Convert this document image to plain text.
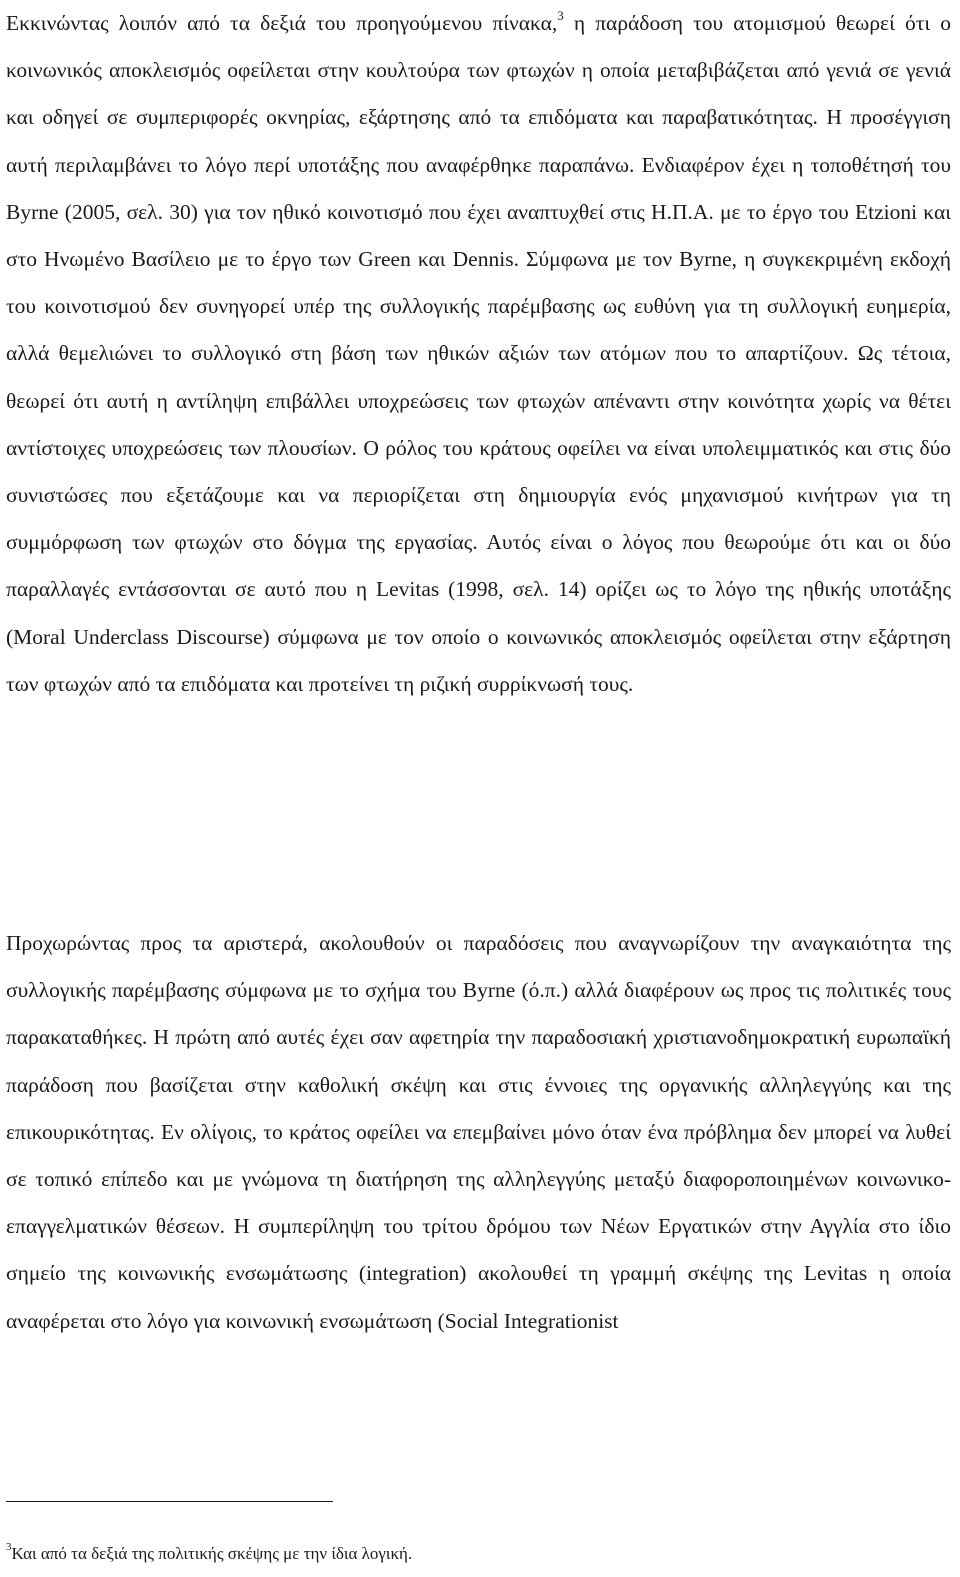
Εκκινώντας λοιπόν από τα δεξιά του προηγούμενου πίνακα,$^3$ η παράδοση του ατομισμού θεωρεί ότι ο κοινωνικός αποκλεισμός οφείλεται στην κουλτούρα των φτωχών η οποία μεταβιβάζεται από γενιά σε γενιά και οδηγεί σε συμπεριφορές οκνηρίας, εξάρτησης από τα επιδόματα και παραβατικότητας. Η προσέγγιση αυτή περιλαμβάνει το λόγο περί υποτάξης που αναφέρθηκε παραπάνω. Ενδιαφέρον έχει η τοποθέτησή του Byrne (2005, σελ. 30) για τον ηθικό κοινοτισμό που έχει αναπτυχθεί στις Η.Π.Α. με το έργο του Etzioni και στο Ηνωμένο Βασίλειο με το έργο των Green και Dennis. Σύμφωνα με τον Byrne, η συγκεκριμένη εκδοχή του κοινοτισμού δεν συνηγορεί υπέρ της συλλογικής παρέμβασης ως ευθύνη για τη συλλογική ευημερία, αλλά θεμελιώνει το συλλογικό στη βάση των ηθικών αξιών των ατόμων που το απαρτίζουν. Ως τέτοια, θεωρεί ότι αυτή η αντίληψη επιβάλλει υποχρεώσεις των φτωχών απέναντι στην κοινότητα χωρίς να θέτει αντίστοιχες υποχρεώσεις των πλουσίων. Ο ρόλος του κράτους οφείλει να είναι υπολειμματικός και στις δύο συνιστώσες που εξετάζουμε και να περιορίζεται στη δημιουργία ενός μηχανισμού κινήτρων για τη συμμόρφωση των φτωχών στο δόγμα της εργασίας. Αυτός είναι ο λόγος που θεωρούμε ότι και οι δύο παραλλαγές εντάσσονται σε αυτό που η Levitas (1998, σελ. 14) ορίζει ως το λόγο της ηθικής υποτάξης (Moral Underclass Discourse) σύμφωνα με τον οποίο ο κοινωνικός αποκλεισμός οφείλεται στην εξάρτηση των φτωχών από τα επιδόματα και προτείνει τη ριζική συρρίκνωσή τους.

Προχωρώντας προς τα αριστερά, ακολουθούν οι παραδόσεις που αναγνωρίζουν την αναγκαιότητα της συλλογικής παρέμβασης σύμφωνα με το σχήμα του Byrne (ό.π.) αλλά διαφέρουν ως προς τις πολιτικές τους παρακαταθήκες. Η πρώτη από αυτές έχει σαν αφετηρία την παραδοσιακή χριστιανοδημοκρατική ευρωπαϊκή παράδοση που βασίζεται στην καθολική σκέψη και στις έννοιες της οργανικής αλληλεγγύης και της επικουρικότητας. Εν ολίγοις, το κράτος οφείλει να επεμβαίνει μόνο όταν ένα πρόβλημα δεν μπορεί να λυθεί σε τοπικό επίπεδο και με γνώμονα τη διατήρηση της αλληλεγγύης μεταξύ διαφοροποιημένων κοινωνικο-επαγγελματικών θέσεων. Η συμπερίληψη του τρίτου δρόμου των Νέων Εργατικών στην Αγγλία στο ίδιο σημείο της κοινωνικής ενσωμάτωσης (integration) ακολουθεί τη γραμμή σκέψης της Levitas η οποία αναφέρεται στο λόγο για κοινωνική ενσωμάτωση (Social Integrationist

$^3$Και από τα δεξιά της πολιτικής σκέψης με την ίδια λογική.
